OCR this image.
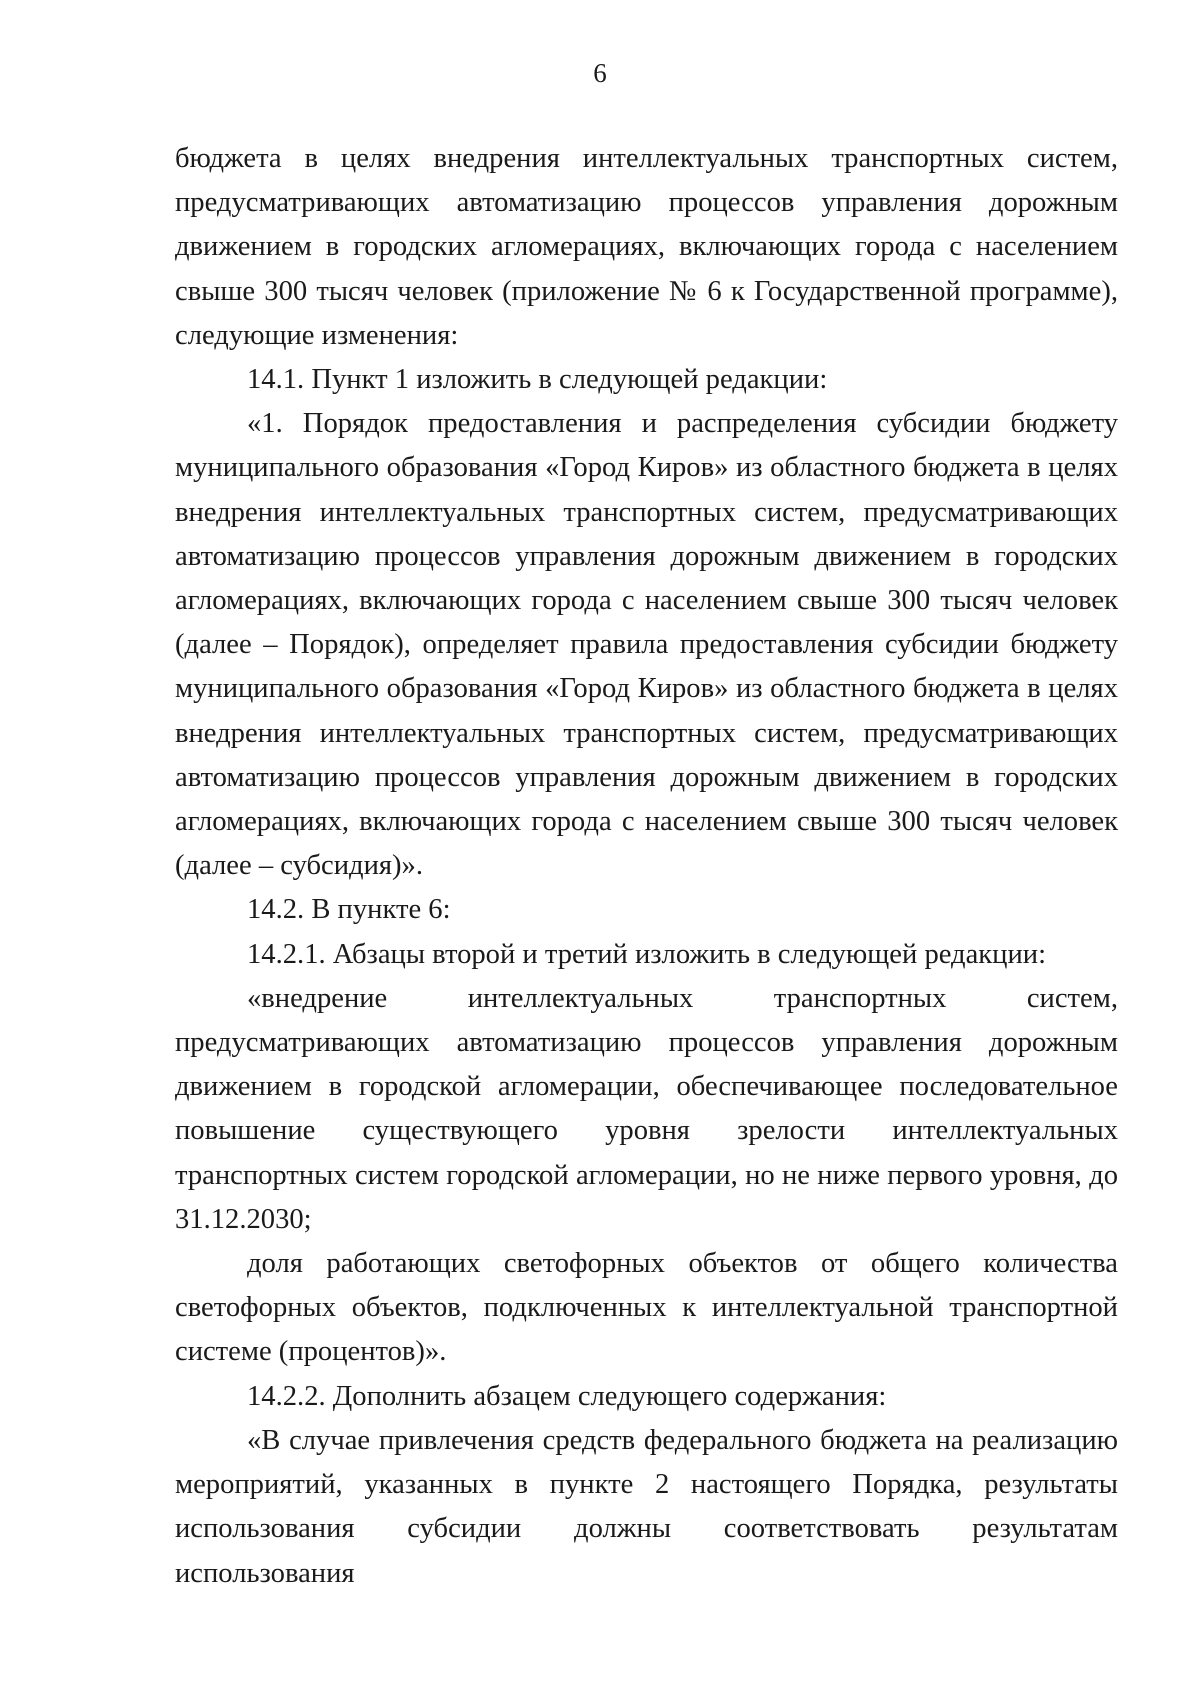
6

бюджета в целях внедрения интеллектуальных транспортных систем, предусматривающих автоматизацию процессов управления дорожным движением в городских агломерациях, включающих города с населением свыше 300 тысяч человек (приложение № 6 к Государственной программе), следующие изменения:

14.1. Пункт 1 изложить в следующей редакции:

«1. Порядок предоставления и распределения субсидии бюджету муниципального образования «Город Киров» из областного бюджета в целях внедрения интеллектуальных транспортных систем, предусматривающих автоматизацию процессов управления дорожным движением в городских агломерациях, включающих города с населением свыше 300 тысяч человек (далее – Порядок), определяет правила предоставления субсидии бюджету муниципального образования «Город Киров» из областного бюджета в целях внедрения интеллектуальных транспортных систем, предусматривающих автоматизацию процессов управления дорожным движением в городских агломерациях, включающих города с населением свыше 300 тысяч человек (далее – субсидия)».

14.2. В пункте 6:

14.2.1. Абзацы второй и третий изложить в следующей редакции:

«внедрение интеллектуальных транспортных систем, предусматривающих автоматизацию процессов управления дорожным движением в городской агломерации, обеспечивающее последовательное повышение существующего уровня зрелости интеллектуальных транспортных систем городской агломерации, но не ниже первого уровня, до 31.12.2030;

доля работающих светофорных объектов от общего количества светофорных объектов, подключенных к интеллектуальной транспортной системе (процентов)».

14.2.2. Дополнить абзацем следующего содержания:

«В случае привлечения средств федерального бюджета на реализацию мероприятий, указанных в пункте 2 настоящего Порядка, результаты использования субсидии должны соответствовать результатам использования
